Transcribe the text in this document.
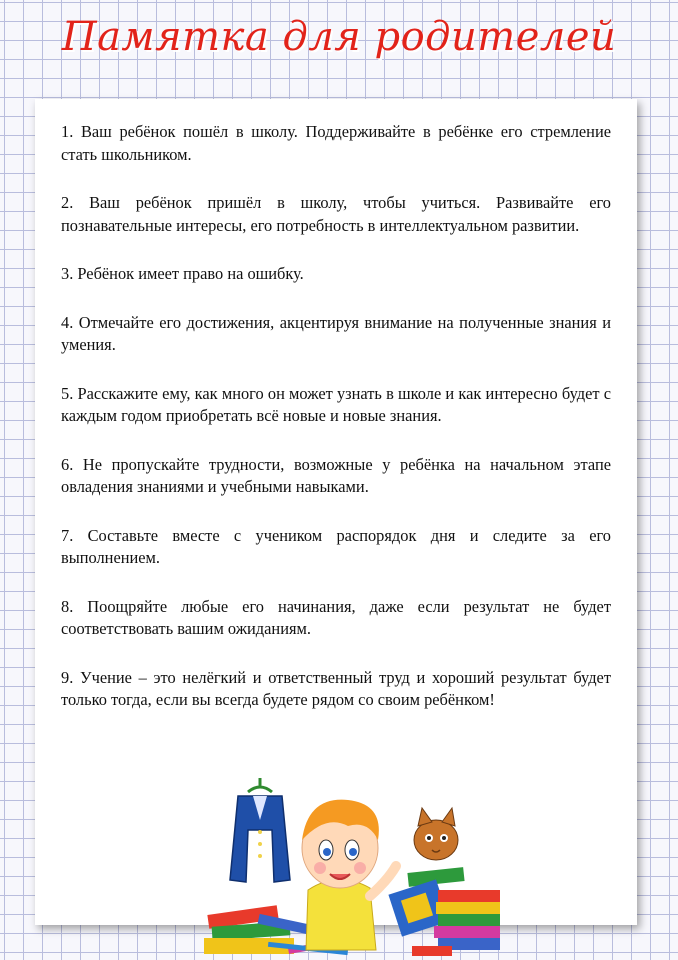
Памятка для родителей

1. Ваш ребёнок пошёл в школу. Поддерживайте в ребёнке его стремление стать школьником.

2. Ваш ребёнок пришёл в школу, чтобы учиться. Развивайте его познавательные интересы, его потребность в интеллектуальном развитии.

3. Ребёнок имеет право на ошибку.

4. Отмечайте его достижения, акцентируя внимание на полученные знания и умения.

5. Расскажите ему, как много он может узнать в школе и как интересно будет с каждым годом приобретать всё новые и новые знания.

6. Не пропускайте трудности, возможные у ребёнка на начальном этапе овладения знаниями и учебными навыками.

7. Составьте вместе с учеником распорядок дня и следите за его выполнением.

8. Поощряйте любые его начинания, даже если результат не будет соответствовать вашим ожиданиям.

9. Учение – это нелёгкий и ответственный труд и хороший результат будет только тогда, если вы всегда будете рядом со своим ребёнком!
